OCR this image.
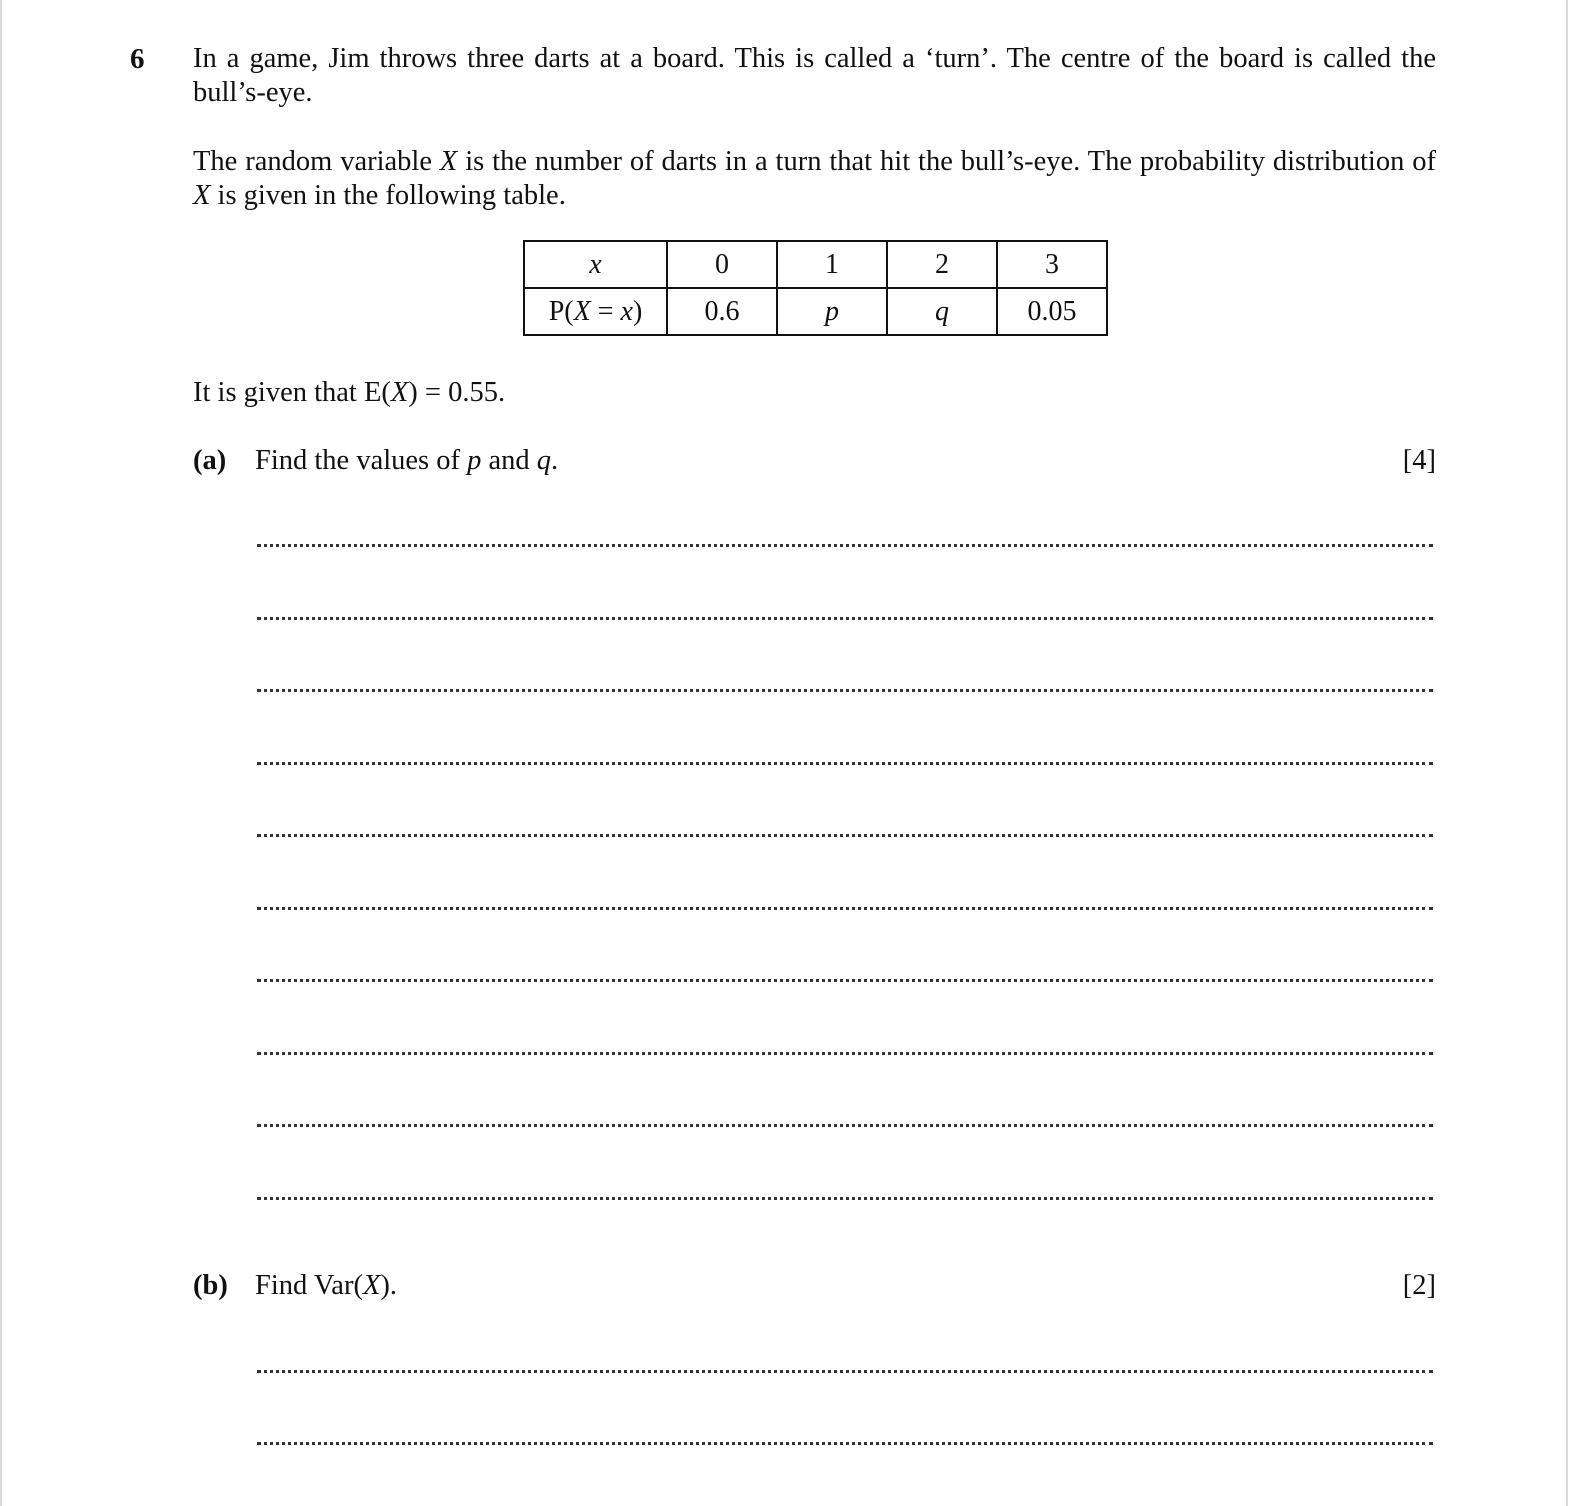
6 In a game, Jim throws three darts at a board. This is called a ‘turn’. The centre of the board is called the bull’s-eye.
The random variable X is the number of darts in a turn that hit the bull’s-eye. The probability distribution of X is given in the following table.
x	0	1	2	3
P(X = x)	0.6	p	q	0.05
It is given that E(X) = 0.55.
(a) Find the values of p and q.	[4]
(b) Find Var(X).	[2]
